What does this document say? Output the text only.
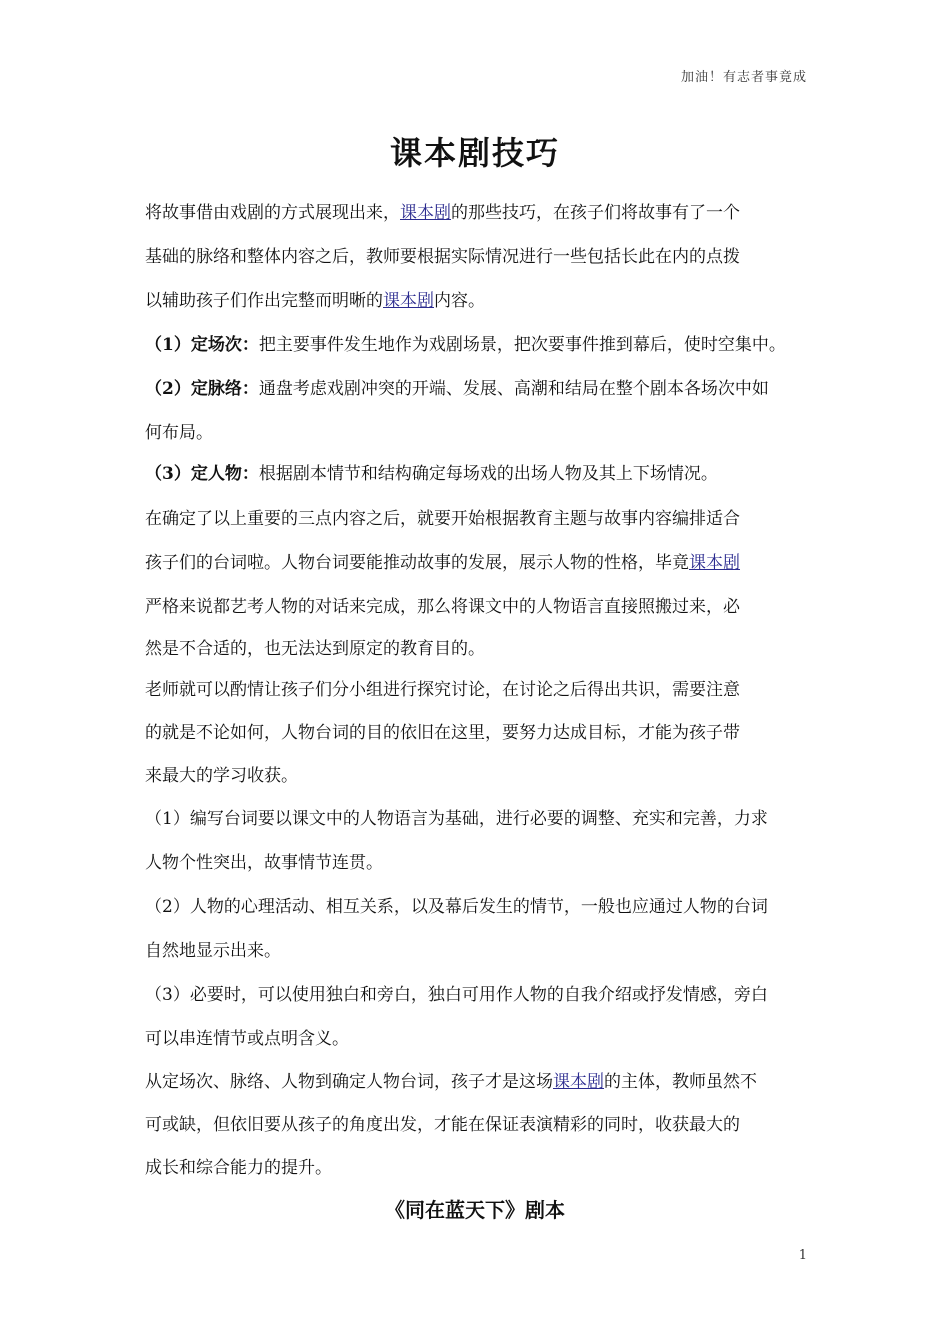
加油！有志者事竟成
课本剧技巧
将故事借由戏剧的方式展现出来，课本剧的那些技巧，在孩子们将故事有了一个
基础的脉络和整体内容之后，教师要根据实际情况进行一些包括长此在内的点拨
以辅助孩子们作出完整而明晰的课本剧内容。
（1）定场次：把主要事件发生地作为戏剧场景，把次要事件推到幕后，使时空集中。
（2）定脉络：通盘考虑戏剧冲突的开端、发展、高潮和结局在整个剧本各场次中如
何布局。
（3）定人物：根据剧本情节和结构确定每场戏的出场人物及其上下场情况。
在确定了以上重要的三点内容之后，就要开始根据教育主题与故事内容编排适合
孩子们的台词啦。人物台词要能推动故事的发展，展示人物的性格，毕竟课本剧
严格来说都艺考人物的对话来完成，那么将课文中的人物语言直接照搬过来，必
然是不合适的，也无法达到原定的教育目的。
老师就可以酌情让孩子们分小组进行探究讨论，在讨论之后得出共识，需要注意
的就是不论如何，人物台词的目的依旧在这里，要努力达成目标，才能为孩子带
来最大的学习收获。
（1）编写台词要以课文中的人物语言为基础，进行必要的调整、充实和完善，力求
人物个性突出，故事情节连贯。
（2）人物的心理活动、相互关系，以及幕后发生的情节，一般也应通过人物的台词
自然地显示出来。
（3）必要时，可以使用独白和旁白，独白可用作人物的自我介绍或抒发情感，旁白
可以串连情节或点明含义。
从定场次、脉络、人物到确定人物台词，孩子才是这场课本剧的主体，教师虽然不
可或缺，但依旧要从孩子的角度出发，才能在保证表演精彩的同时，收获最大的
成长和综合能力的提升。
《同在蓝天下》剧本
1
